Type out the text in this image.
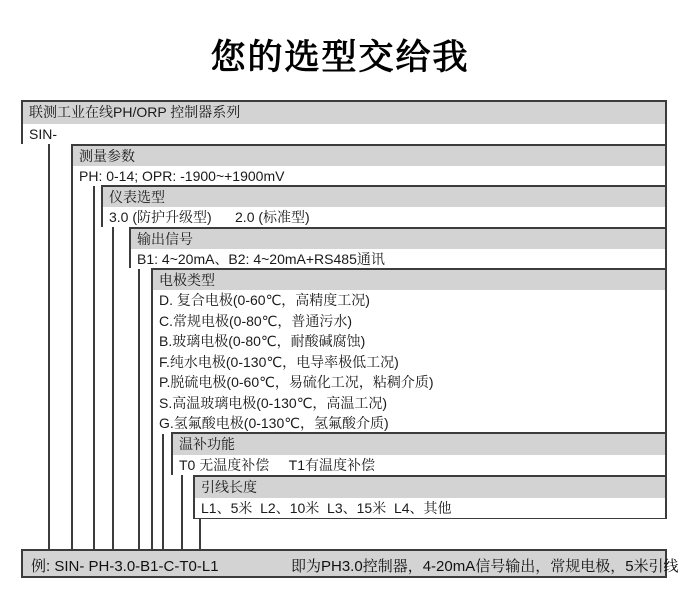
您的选型交给我
联测工业在线PH/ORP 控制器系列
SIN-
测量参数
PH: 0-14; OPR: -1900~+1900mV
仪表选型
3.0 (防护升级型)      2.0 (标准型)
输出信号
B1: 4~20mA、B2: 4~20mA+RS485通讯
电极类型
D. 复合电极(0-60℃，高精度工况)
C.常规电极(0-80℃，普通污水)
B.玻璃电极(0-80℃，耐酸碱腐蚀)
F.纯水电极(0-130℃，电导率极低工况)
P.脱硫电极(0-60℃，易硫化工况，粘稠介质)
S.高温玻璃电极(0-130℃，高温工况)
G.氢氟酸电极(0-130℃，氢氟酸介质)
温补功能
T0 无温度补偿     T1有温度补偿
引线长度
L1、5米  L2、10米  L3、15米  L4、其他
例: SIN- PH-3.0-B1-C-T0-L1	即为PH3.0控制器，4-20mA信号输出，常规电极，5米引线
